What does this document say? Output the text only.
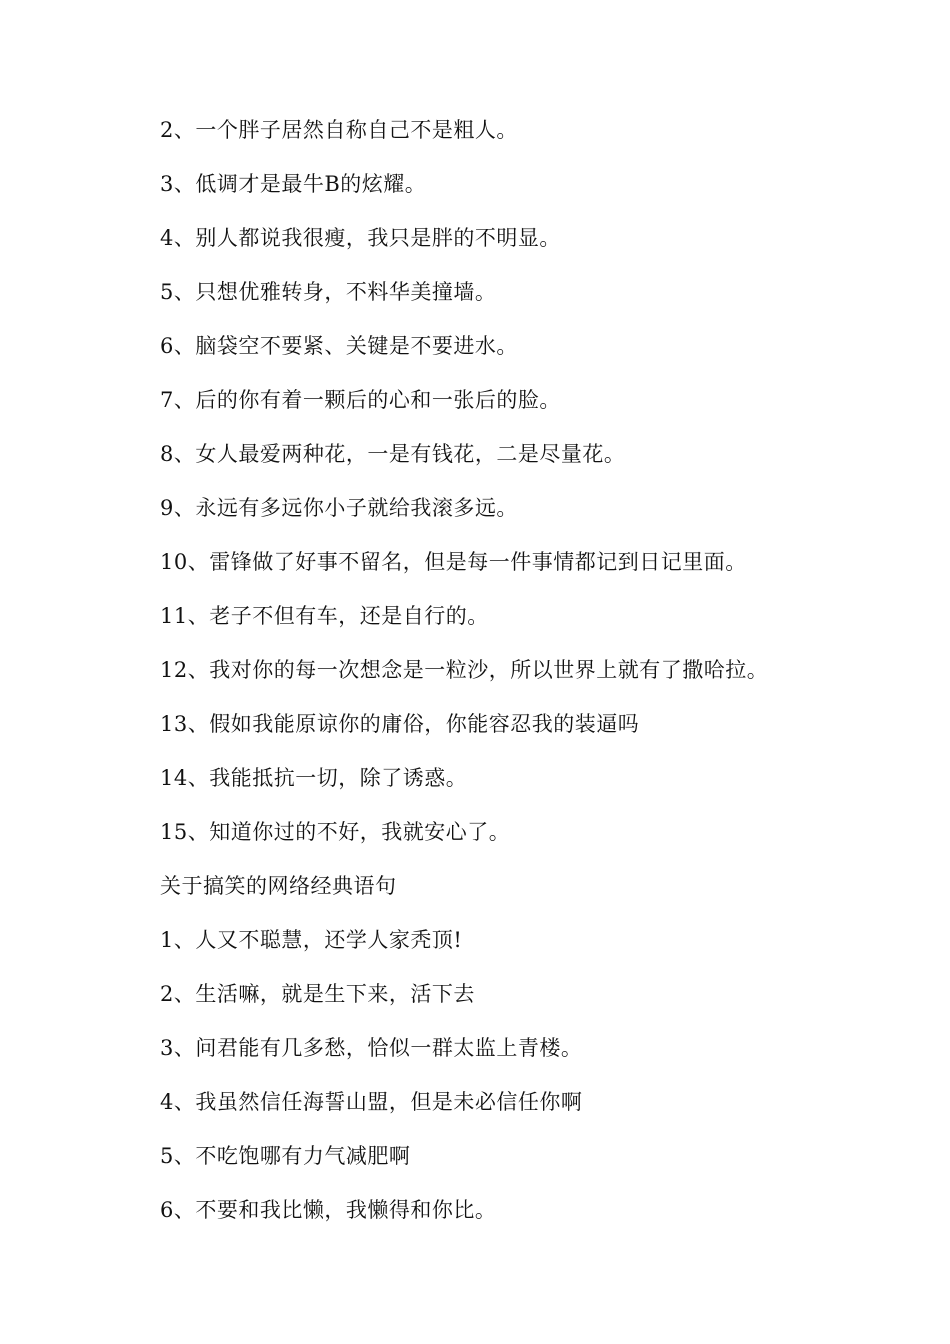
2、一个胖子居然自称自己不是粗人。
3、低调才是最牛B的炫耀。
4、别人都说我很瘦，我只是胖的不明显。
5、只想优雅转身，不料华美撞墙。
6、脑袋空不要紧、关键是不要进水。
7、后的你有着一颗后的心和一张后的脸。
8、女人最爱两种花，一是有钱花，二是尽量花。
9、永远有多远你小子就给我滚多远。
10、雷锋做了好事不留名，但是每一件事情都记到日记里面。
11、老子不但有车，还是自行的。
12、我对你的每一次想念是一粒沙，所以世界上就有了撒哈拉。
13、假如我能原谅你的庸俗，你能容忍我的装逼吗
14、我能抵抗一切，除了诱惑。
15、知道你过的不好，我就安心了。
关于搞笑的网络经典语句
1、人又不聪慧，还学人家秃顶!
2、生活嘛，就是生下来，活下去
3、问君能有几多愁，恰似一群太监上青楼。
4、我虽然信任海誓山盟，但是未必信任你啊
5、不吃饱哪有力气减肥啊
6、不要和我比懒，我懒得和你比。
